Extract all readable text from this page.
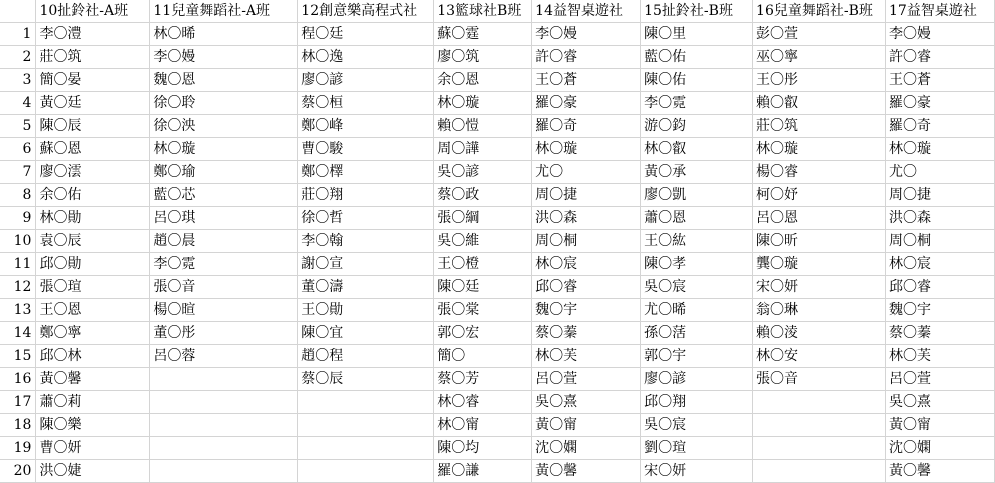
	10扯鈴社-A班	11兒童舞蹈社-A班	12創意樂高程式社	13籃球社B班	14益智桌遊社	15扯鈴社-B班	16兒童舞蹈社-B班	17益智桌遊社
1	李〇澧	林〇晞	程〇廷	蘇〇霆	李〇嫚	陳〇里	彭〇萱	李〇嫚
2	莊〇筑	李〇嫚	林〇逸	廖〇筑	許〇睿	藍〇佑	巫〇寧	許〇睿
3	簡〇晏	魏〇恩	廖〇諺	余〇恩	王〇蒼	陳〇佑	王〇彤	王〇蒼
4	黃〇廷	徐〇聆	蔡〇桓	林〇璇	羅〇豪	李〇霓	賴〇叡	羅〇豪
5	陳〇辰	徐〇泱	鄭〇峰	賴〇愷	羅〇奇	游〇鈞	莊〇筑	羅〇奇
6	蘇〇恩	林〇璇	曹〇駿	周〇譁	林〇璇	林〇叡	林〇璇	林〇璇
7	廖〇澐	鄭〇瑜	鄭〇檡	吳〇諺	尤〇	黃〇承	楊〇睿	尤〇
8	余〇佑	藍〇芯	莊〇翔	蔡〇政	周〇捷	廖〇凱	柯〇妤	周〇捷
9	林〇勛	呂〇琪	徐〇哲	張〇綱	洪〇森	蕭〇恩	呂〇恩	洪〇森
10	袁〇辰	趙〇晨	李〇翰	吳〇維	周〇桐	王〇紘	陳〇昕	周〇桐
11	邱〇勛	李〇霓	謝〇宣	王〇橙	林〇宸	陳〇孝	龔〇璇	林〇宸
12	張〇瑄	張〇音	董〇濤	陳〇廷	邱〇睿	吳〇宸	宋〇妍	邱〇睿
13	王〇恩	楊〇暄	王〇勛	張〇棠	魏〇宇	尤〇晞	翁〇琳	魏〇宇
14	鄭〇寧	董〇彤	陳〇宜	郭〇宏	蔡〇蓁	孫〇萿	賴〇淩	蔡〇蓁
15	邱〇林	呂〇蓉	趙〇程	簡〇	林〇芙	郭〇宇	林〇安	林〇芙
16	黃〇馨		蔡〇辰	蔡〇芳	呂〇萱	廖〇諺	張〇音	呂〇萱
17	蕭〇莉			林〇睿	吳〇熹	邱〇翔		吳〇熹
18	陳〇樂			林〇甯	黃〇甯	吳〇宸		黃〇甯
19	曹〇妍			陳〇均	沈〇嫻	劉〇瑄		沈〇嫻
20	洪〇婕			羅〇謙	黃〇馨	宋〇妍		黃〇馨
